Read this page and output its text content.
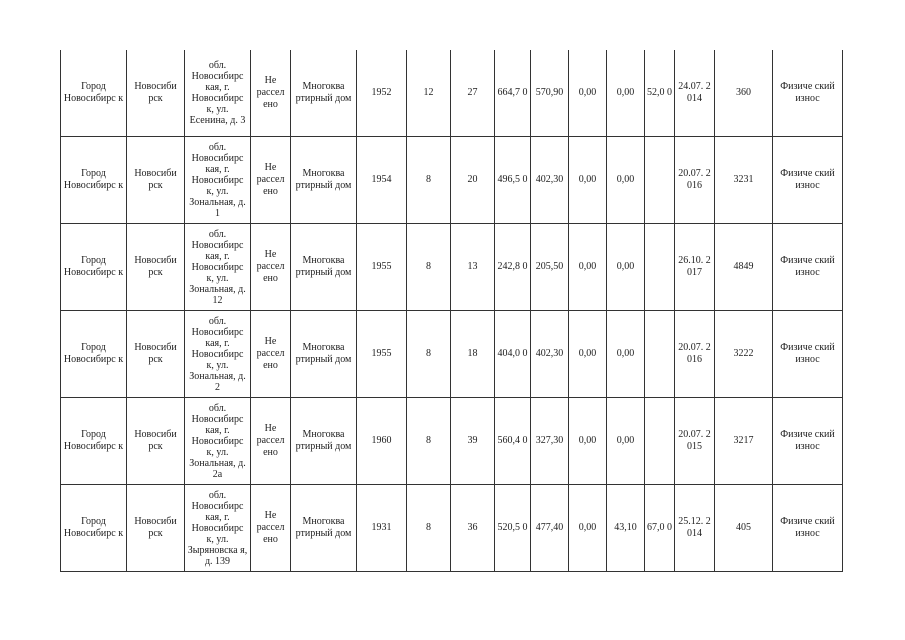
Город Новосибирс к	Новосиби рск	обл. Новосибирс кая, г. Новосибирс к, ул. Есенина, д. 3	Не рассел ено	Многоква ртирный дом	1952	12	27	664,7 0	570,90	0,00	0,00	52,0 0	24.07. 2014	360	Физиче ский износ
Город Новосибирс к	Новосиби рск	обл. Новосибирс кая, г. Новосибирс к, ул. Зональная, д. 1	Не рассел ено	Многоква ртирный дом	1954	8	20	496,5 0	402,30	0,00	0,00		20.07. 2016	3231	Физиче ский износ
Город Новосибирс к	Новосиби рск	обл. Новосибирс кая, г. Новосибирс к, ул. Зональная, д. 12	Не рассел ено	Многоква ртирный дом	1955	8	13	242,8 0	205,50	0,00	0,00		26.10. 2017	4849	Физиче ский износ
Город Новосибирс к	Новосиби рск	обл. Новосибирс кая, г. Новосибирс к, ул. Зональная, д. 2	Не рассел ено	Многоква ртирный дом	1955	8	18	404,0 0	402,30	0,00	0,00		20.07. 2016	3222	Физиче ский износ
Город Новосибирс к	Новосиби рск	обл. Новосибирс кая, г. Новосибирс к, ул. Зональная, д. 2а	Не рассел ено	Многоква ртирный дом	1960	8	39	560,4 0	327,30	0,00	0,00		20.07. 2015	3217	Физиче ский износ
Город Новосибирс к	Новосиби рск	обл. Новосибирс кая, г. Новосибирс к, ул. Зыряновска я, д. 139	Не рассел ено	Многоква ртирный дом	1931	8	36	520,5 0	477,40	0,00	43,10	67,0 0	25.12. 2014	405	Физиче ский износ
